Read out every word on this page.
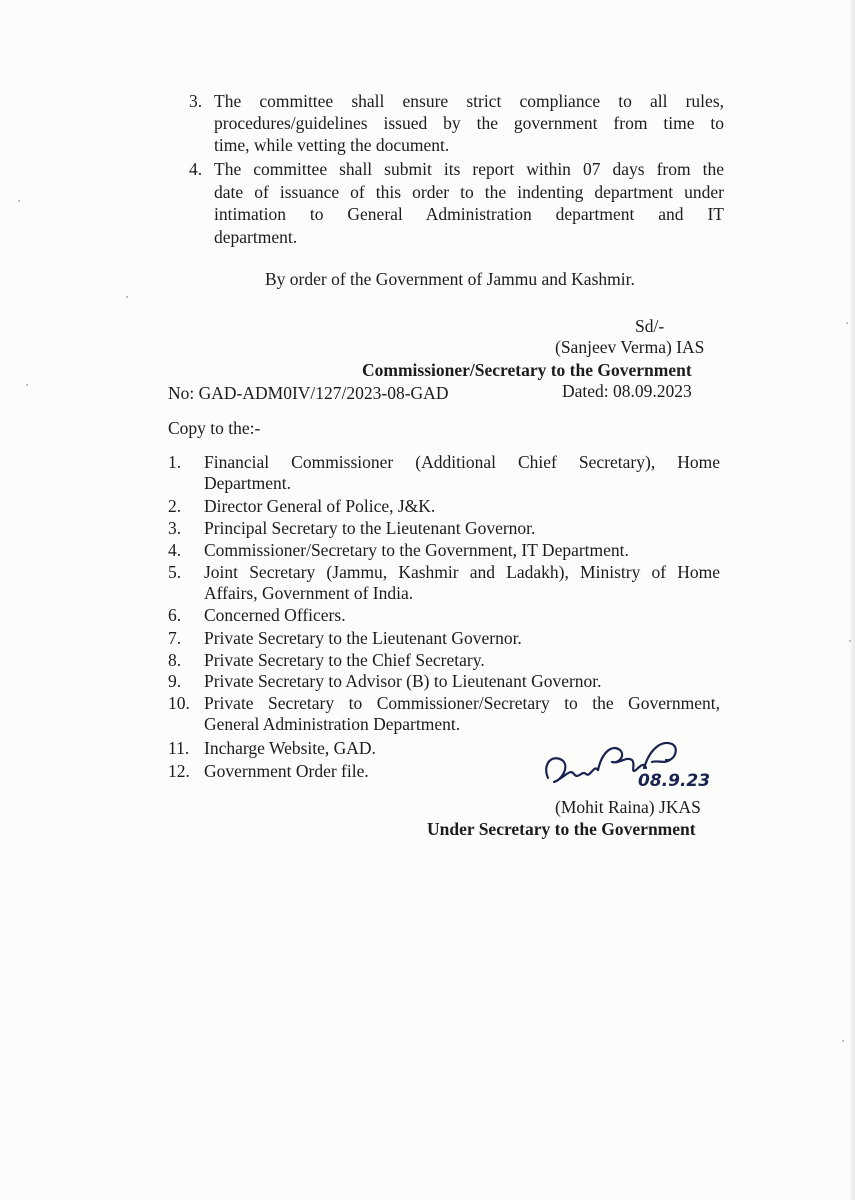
3. The committee shall ensure strict compliance to all rules,
procedures/guidelines issued by the government from time to
time, while vetting the document.
4. The committee shall submit its report within 07 days from the
date of issuance of this order to the indenting department under
intimation to General Administration department and IT
department.
By order of the Government of Jammu and Kashmir.
Sd/-
(Sanjeev Verma) IAS
Commissioner/Secretary to the Government
No: GAD-ADM0IV/127/2023-08-GAD	Dated: 08.09.2023
Copy to the:-
1. Financial Commissioner (Additional Chief Secretary), Home
Department.
2. Director General of Police, J&K.
3. Principal Secretary to the Lieutenant Governor.
4. Commissioner/Secretary to the Government, IT Department.
5. Joint Secretary (Jammu, Kashmir and Ladakh), Ministry of Home
Affairs, Government of India.
6. Concerned Officers.
7. Private Secretary to the Lieutenant Governor.
8. Private Secretary to the Chief Secretary.
9. Private Secretary to Advisor (B) to Lieutenant Governor.
10. Private Secretary to Commissioner/Secretary to the Government,
General Administration Department.
11. Incharge Website, GAD.
12. Government Order file.	08.9.23
(Mohit Raina) JKAS
Under Secretary to the Government
